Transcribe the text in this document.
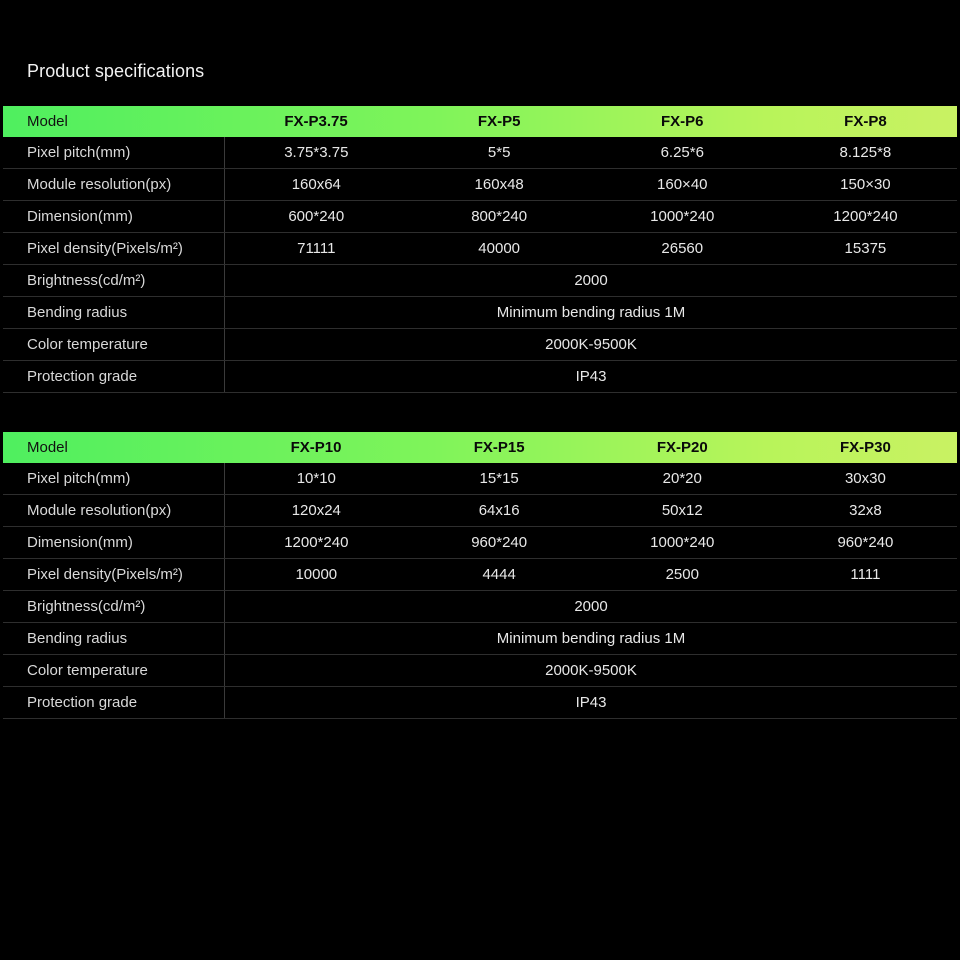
Product specifications
Model	FX-P3.75	FX-P5	FX-P6	FX-P8
Pixel pitch(mm)	3.75*3.75	5*5	6.25*6	8.125*8
Module resolution(px)	160x64	160x48	160×40	150×30
Dimension(mm)	600*240	800*240	1000*240	1200*240
Pixel density(Pixels/m²)	71111	40000	26560	15375
Brightness(cd/m²)	2000			
Bending radius	Minimum bending radius 1M			
Color temperature	2000K-9500K			
Protection grade	IP43			
Model	FX-P10	FX-P15	FX-P20	FX-P30
Pixel pitch(mm)	10*10	15*15	20*20	30x30
Module resolution(px)	120x24	64x16	50x12	32x8
Dimension(mm)	1200*240	960*240	1000*240	960*240
Pixel density(Pixels/m²)	10000	4444	2500	1111
Brightness(cd/m²)	2000			
Bending radius	Minimum bending radius 1M			
Color temperature	2000K-9500K			
Protection grade	IP43			
